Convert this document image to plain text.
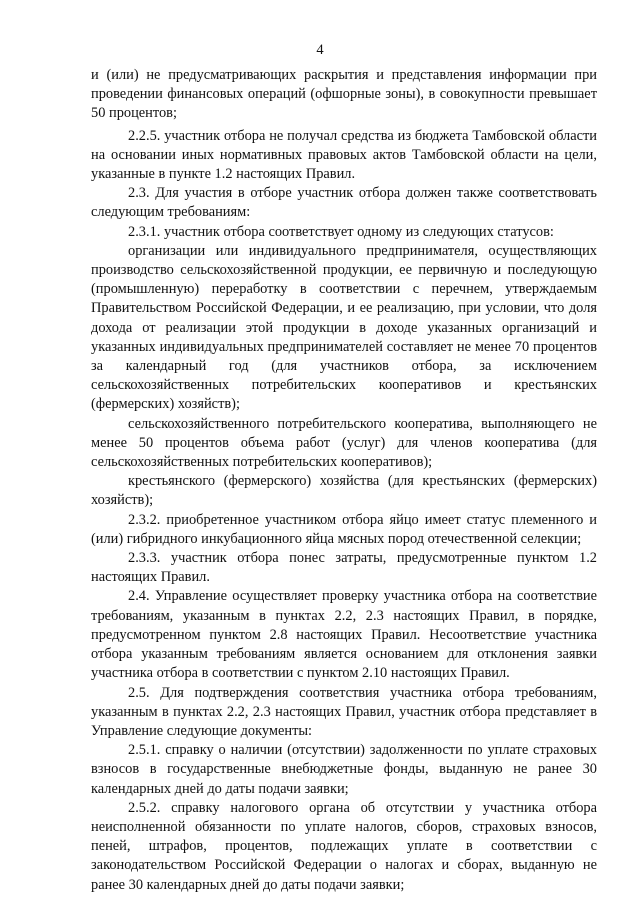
4

и (или) не предусматривающих раскрытия и представления информации при проведении финансовых операций (офшорные зоны), в совокупности превышает 50 процентов;

2.2.5. участник отбора не получал средства из бюджета Тамбовской области на основании иных нормативных правовых актов Тамбовской области на цели, указанные в пункте 1.2 настоящих Правил.

2.3. Для участия в отборе участник отбора должен также соответствовать следующим требованиям:

2.3.1. участник отбора соответствует одному из следующих статусов:

организации или индивидуального предпринимателя, осуществляющих производство сельскохозяйственной продукции, ее первичную и последующую (промышленную) переработку в соответствии с перечнем, утверждаемым Правительством Российской Федерации, и ее реализацию, при условии, что доля дохода от реализации этой продукции в доходе указанных организаций и указанных индивидуальных предпринимателей составляет не менее 70 процентов за календарный год (для участников отбора, за исключением сельскохозяйственных потребительских кооперативов и крестьянских (фермерских) хозяйств);

сельскохозяйственного потребительского кооператива, выполняющего не менее 50 процентов объема работ (услуг) для членов кооператива (для сельскохозяйственных потребительских кооперативов);

крестьянского (фермерского) хозяйства (для крестьянских (фермерских) хозяйств);

2.3.2. приобретенное участником отбора яйцо имеет статус племенного и (или) гибридного инкубационного яйца мясных пород отечественной селекции;

2.3.3. участник отбора понес затраты, предусмотренные пунктом 1.2 настоящих Правил.

2.4. Управление осуществляет проверку участника отбора на соответствие требованиям, указанным в пунктах 2.2, 2.3 настоящих Правил, в порядке, предусмотренном пунктом 2.8 настоящих Правил. Несоответствие участника отбора указанным требованиям является основанием для отклонения заявки участника отбора в соответствии с пунктом 2.10 настоящих Правил.

2.5. Для подтверждения соответствия участника отбора требованиям, указанным в пунктах 2.2, 2.3 настоящих Правил, участник отбора представляет в Управление следующие документы:

2.5.1. справку о наличии (отсутствии) задолженности по уплате страховых взносов в государственные внебюджетные фонды, выданную не ранее 30 календарных дней до даты подачи заявки;

2.5.2. справку налогового органа об отсутствии у участника отбора неисполненной обязанности по уплате налогов, сборов, страховых взносов, пеней, штрафов, процентов, подлежащих уплате в соответствии с законодательством Российской Федерации о налогах и сборах, выданную не ранее 30 календарных дней до даты подачи заявки;
